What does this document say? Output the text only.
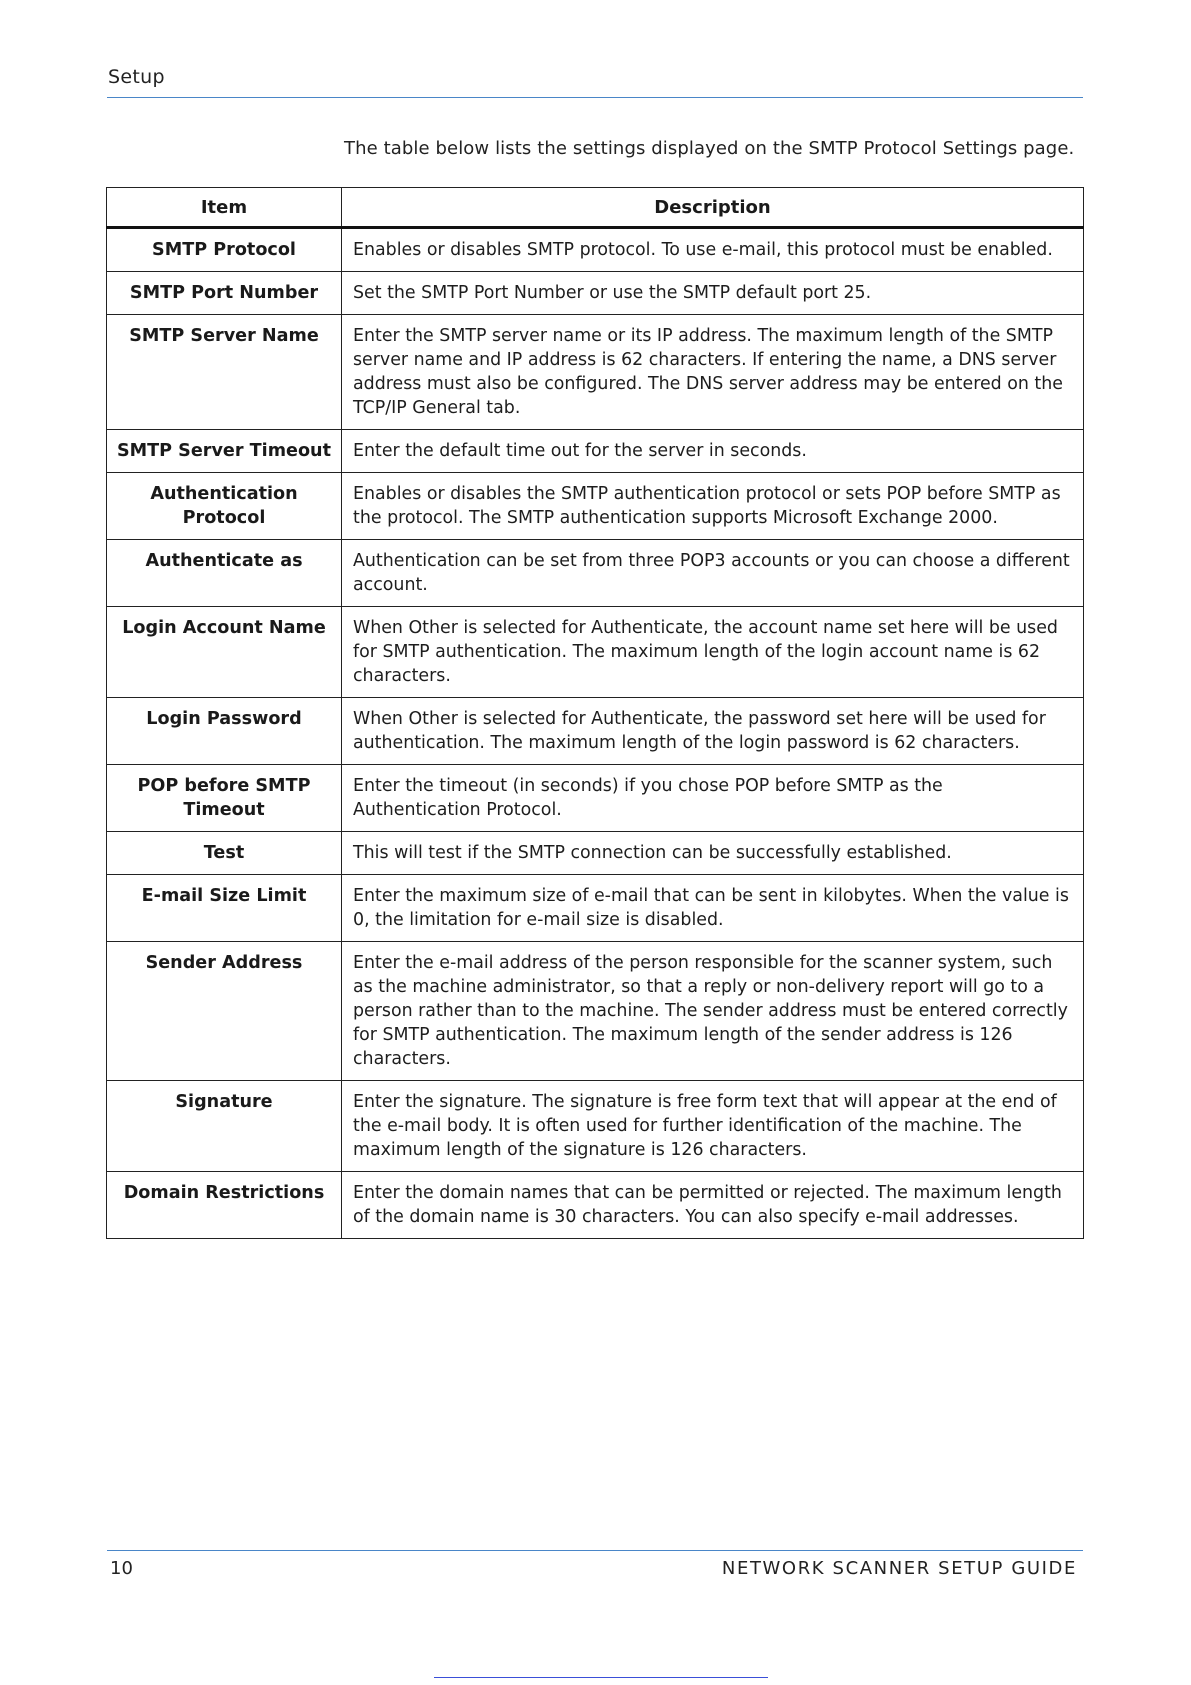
Setup
The table below lists the settings displayed on the SMTP Protocol Settings page.
Item	Description
SMTP Protocol	Enables or disables SMTP protocol. To use e-mail, this protocol must be enabled.
SMTP Port Number	Set the SMTP Port Number or use the SMTP default port 25.
SMTP Server Name	Enter the SMTP server name or its IP address. The maximum length of the SMTP server name and IP address is 62 characters. If entering the name, a DNS server address must also be configured. The DNS server address may be entered on the TCP/IP General tab.
SMTP Server Timeout	Enter the default time out for the server in seconds.
Authentication Protocol	Enables or disables the SMTP authentication protocol or sets POP before SMTP as the protocol. The SMTP authentication supports Microsoft Exchange 2000.
Authenticate as	Authentication can be set from three POP3 accounts or you can choose a different account.
Login Account Name	When Other is selected for Authenticate, the account name set here will be used for SMTP authentication. The maximum length of the login account name is 62 characters.
Login Password	When Other is selected for Authenticate, the password set here will be used for authentication. The maximum length of the login password is 62 characters.
POP before SMTP Timeout	Enter the timeout (in seconds) if you chose POP before SMTP as the Authentication Protocol.
Test	This will test if the SMTP connection can be successfully established.
E-mail Size Limit	Enter the maximum size of e-mail that can be sent in kilobytes. When the value is 0, the limitation for e-mail size is disabled.
Sender Address	Enter the e-mail address of the person responsible for the scanner system, such as the machine administrator, so that a reply or non-delivery report will go to a person rather than to the machine. The sender address must be entered correctly for SMTP authentication. The maximum length of the sender address is 126 characters.
Signature	Enter the signature. The signature is free form text that will appear at the end of the e-mail body. It is often used for further identification of the machine. The maximum length of the signature is 126 characters.
Domain Restrictions	Enter the domain names that can be permitted or rejected. The maximum length of the domain name is 30 characters. You can also specify e-mail addresses.
10	NETWORK SCANNER SETUP GUIDE
